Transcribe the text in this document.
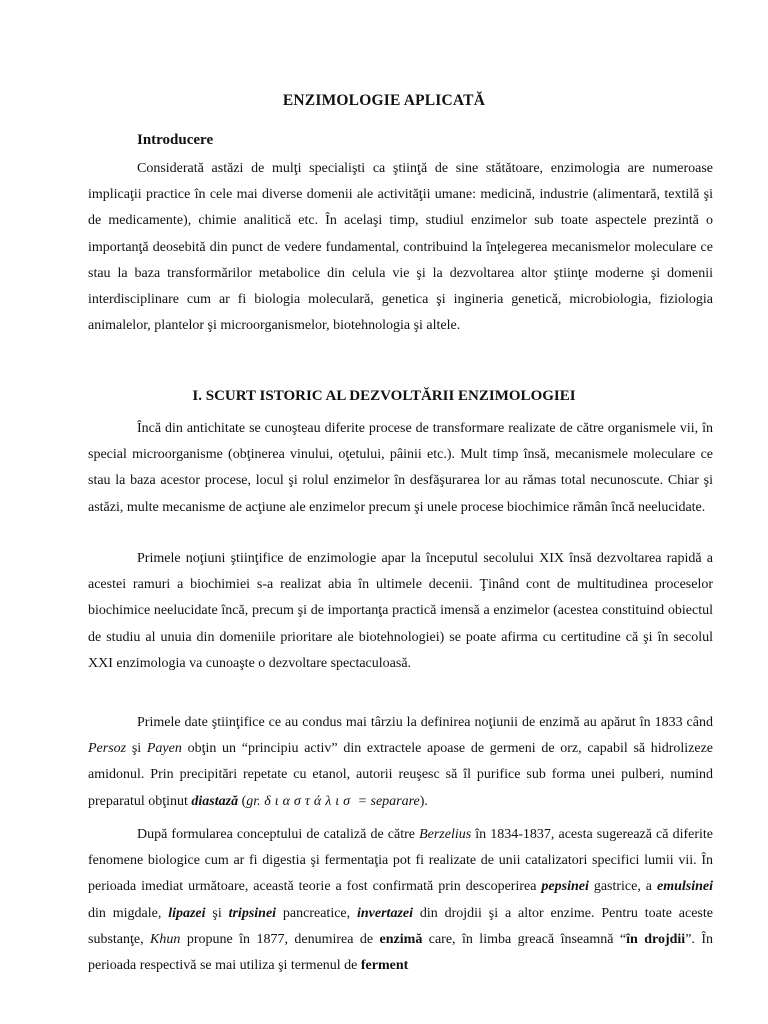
ENZIMOLOGIE APLICATĂ
Introducere

Considerată astăzi de mulţi specialişti ca ştiinţă de sine stătătoare, enzimologia are numeroase implicaţii practice în cele mai diverse domenii ale activităţii umane: medicină, industrie (alimentară, textilă şi de medicamente), chimie analitică etc. În acelaşi timp, studiul enzimelor sub toate aspectele prezintă o importanţă deosebită din punct de vedere fundamental, contribuind la înţelegerea mecanismelor moleculare ce stau la baza transformărilor metabolice din celula vie şi la dezvoltarea altor ştiinţe moderne şi domenii interdisciplinare cum ar fi biologia moleculară, genetica şi ingineria genetică, microbiologia, fiziologia animalelor, plantelor şi microorganismelor, biotehnologia şi altele.

I. SCURT ISTORIC AL DEZVOLTĂRII ENZIMOLOGIEI

Încă din antichitate se cunoşteau diferite procese de transformare realizate de către organismele vii, în special microorganisme (obţinerea vinului, oţetului, pâinii etc.). Mult timp însă, mecanismele moleculare ce stau la baza acestor procese, locul şi rolul enzimelor în desfăşurarea lor au rămas total necunoscute. Chiar şi astăzi, multe mecanisme de acţiune ale enzimelor precum şi unele procese biochimice rămân încă neelucidate.

Primele noţiuni ştiinţifice de enzimologie apar la începutul secolului XIX însă dezvoltarea rapidă a acestei ramuri a biochimiei s-a realizat abia în ultimele decenii. Ţinând cont de multitudinea proceselor biochimice neelucidate încă, precum şi de importanţa practică imensă a enzimelor (acestea constituind obiectul de studiu al unuia din domeniile prioritare ale biotehnologiei) se poate afirma cu certitudine că şi în secolul XXI enzimologia va cunoaşte o dezvoltare spectaculoasă.

Primele date ştiinţifice ce au condus mai târziu la definirea noţiunii de enzimă au apărut în 1833 când Persoz şi Payen obţin un “principiu activ” din extractele apoase de germeni de orz, capabil să hidrolizeze amidonul. Prin precipitări repetate cu etanol, autorii reuşesc să îl purifice sub forma unei pulberi, numind preparatul obţinut diastază (gr. διαστάλισ = separare).

După formularea conceptului de cataliză de către Berzelius în 1834-1837, acesta sugerează că diferite fenomene biologice cum ar fi digestia şi fermentaţia pot fi realizate de unii catalizatori specifici lumii vii. În perioada imediat următoare, această teorie a fost confirmată prin descoperirea pepsinei gastrice, a emulsinei din migdale, lipazei şi tripsinei pancreatice, invertazei din drojdii şi a altor enzime. Pentru toate aceste substanţe, Khun propune în 1877, denumirea de enzimă care, în limba greacă înseamnă “în drojdii”. În perioada respectivă se mai utiliza şi termenul de ferment
